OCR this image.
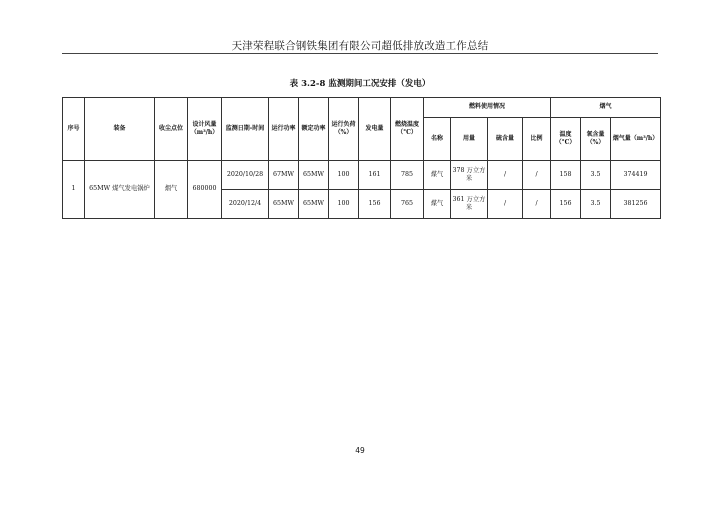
天津荣程联合钢铁集团有限公司超低排放改造工作总结
表 3.2-8 监测期间工况安排（发电）
序号	装备	收尘点位	设计风量（m³/h）	监测日期-时间	运行功率	额定功率	运行负荷（%）	发电量	燃烧温度（°C）	燃料使用情况				烟气		
										名称	用量	硫含量	比例	温度（°C）	氧含量（%）	烟气量（m³/h）
1	65MW 煤气发电锅炉	烟气	680000	2020/10/28	67MW	65MW	100	161	785	煤气	378 万立方米	/	/	158	3.5	374419
				2020/12/4	65MW	65MW	100	156	765	煤气	361 万立方米	/	/	156	3.5	381256
49
